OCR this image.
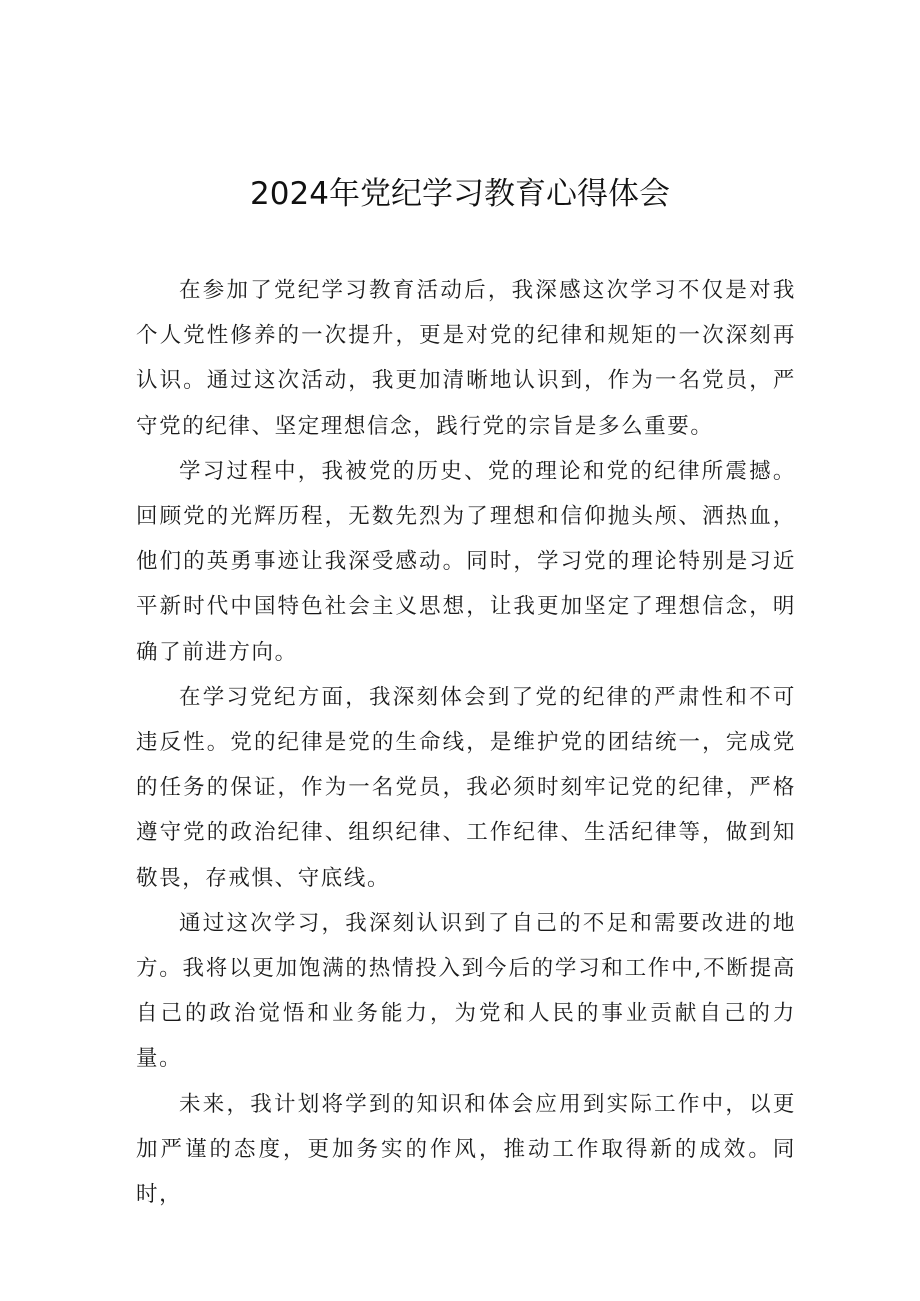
2024年党纪学习教育心得体会

在参加了党纪学习教育活动后，我深感这次学习不仅是对我个人党性修养的一次提升，更是对党的纪律和规矩的一次深刻再认识。通过这次活动，我更加清晰地认识到，作为一名党员，严守党的纪律、坚定理想信念，践行党的宗旨是多么重要。

学习过程中，我被党的历史、党的理论和党的纪律所震撼。回顾党的光辉历程，无数先烈为了理想和信仰抛头颅、洒热血，他们的英勇事迹让我深受感动。同时，学习党的理论特别是习近平新时代中国特色社会主义思想，让我更加坚定了理想信念，明确了前进方向。

在学习党纪方面，我深刻体会到了党的纪律的严肃性和不可违反性。党的纪律是党的生命线，是维护党的团结统一，完成党的任务的保证，作为一名党员，我必须时刻牢记党的纪律，严格遵守党的政治纪律、组织纪律、工作纪律、生活纪律等，做到知敬畏，存戒惧、守底线。

通过这次学习，我深刻认识到了自己的不足和需要改进的地方。我将以更加饱满的热情投入到今后的学习和工作中,不断提高自己的政治觉悟和业务能力，为党和人民的事业贡献自己的力量。

未来，我计划将学到的知识和体会应用到实际工作中，以更加严谨的态度，更加务实的作风，推动工作取得新的成效。同时，
